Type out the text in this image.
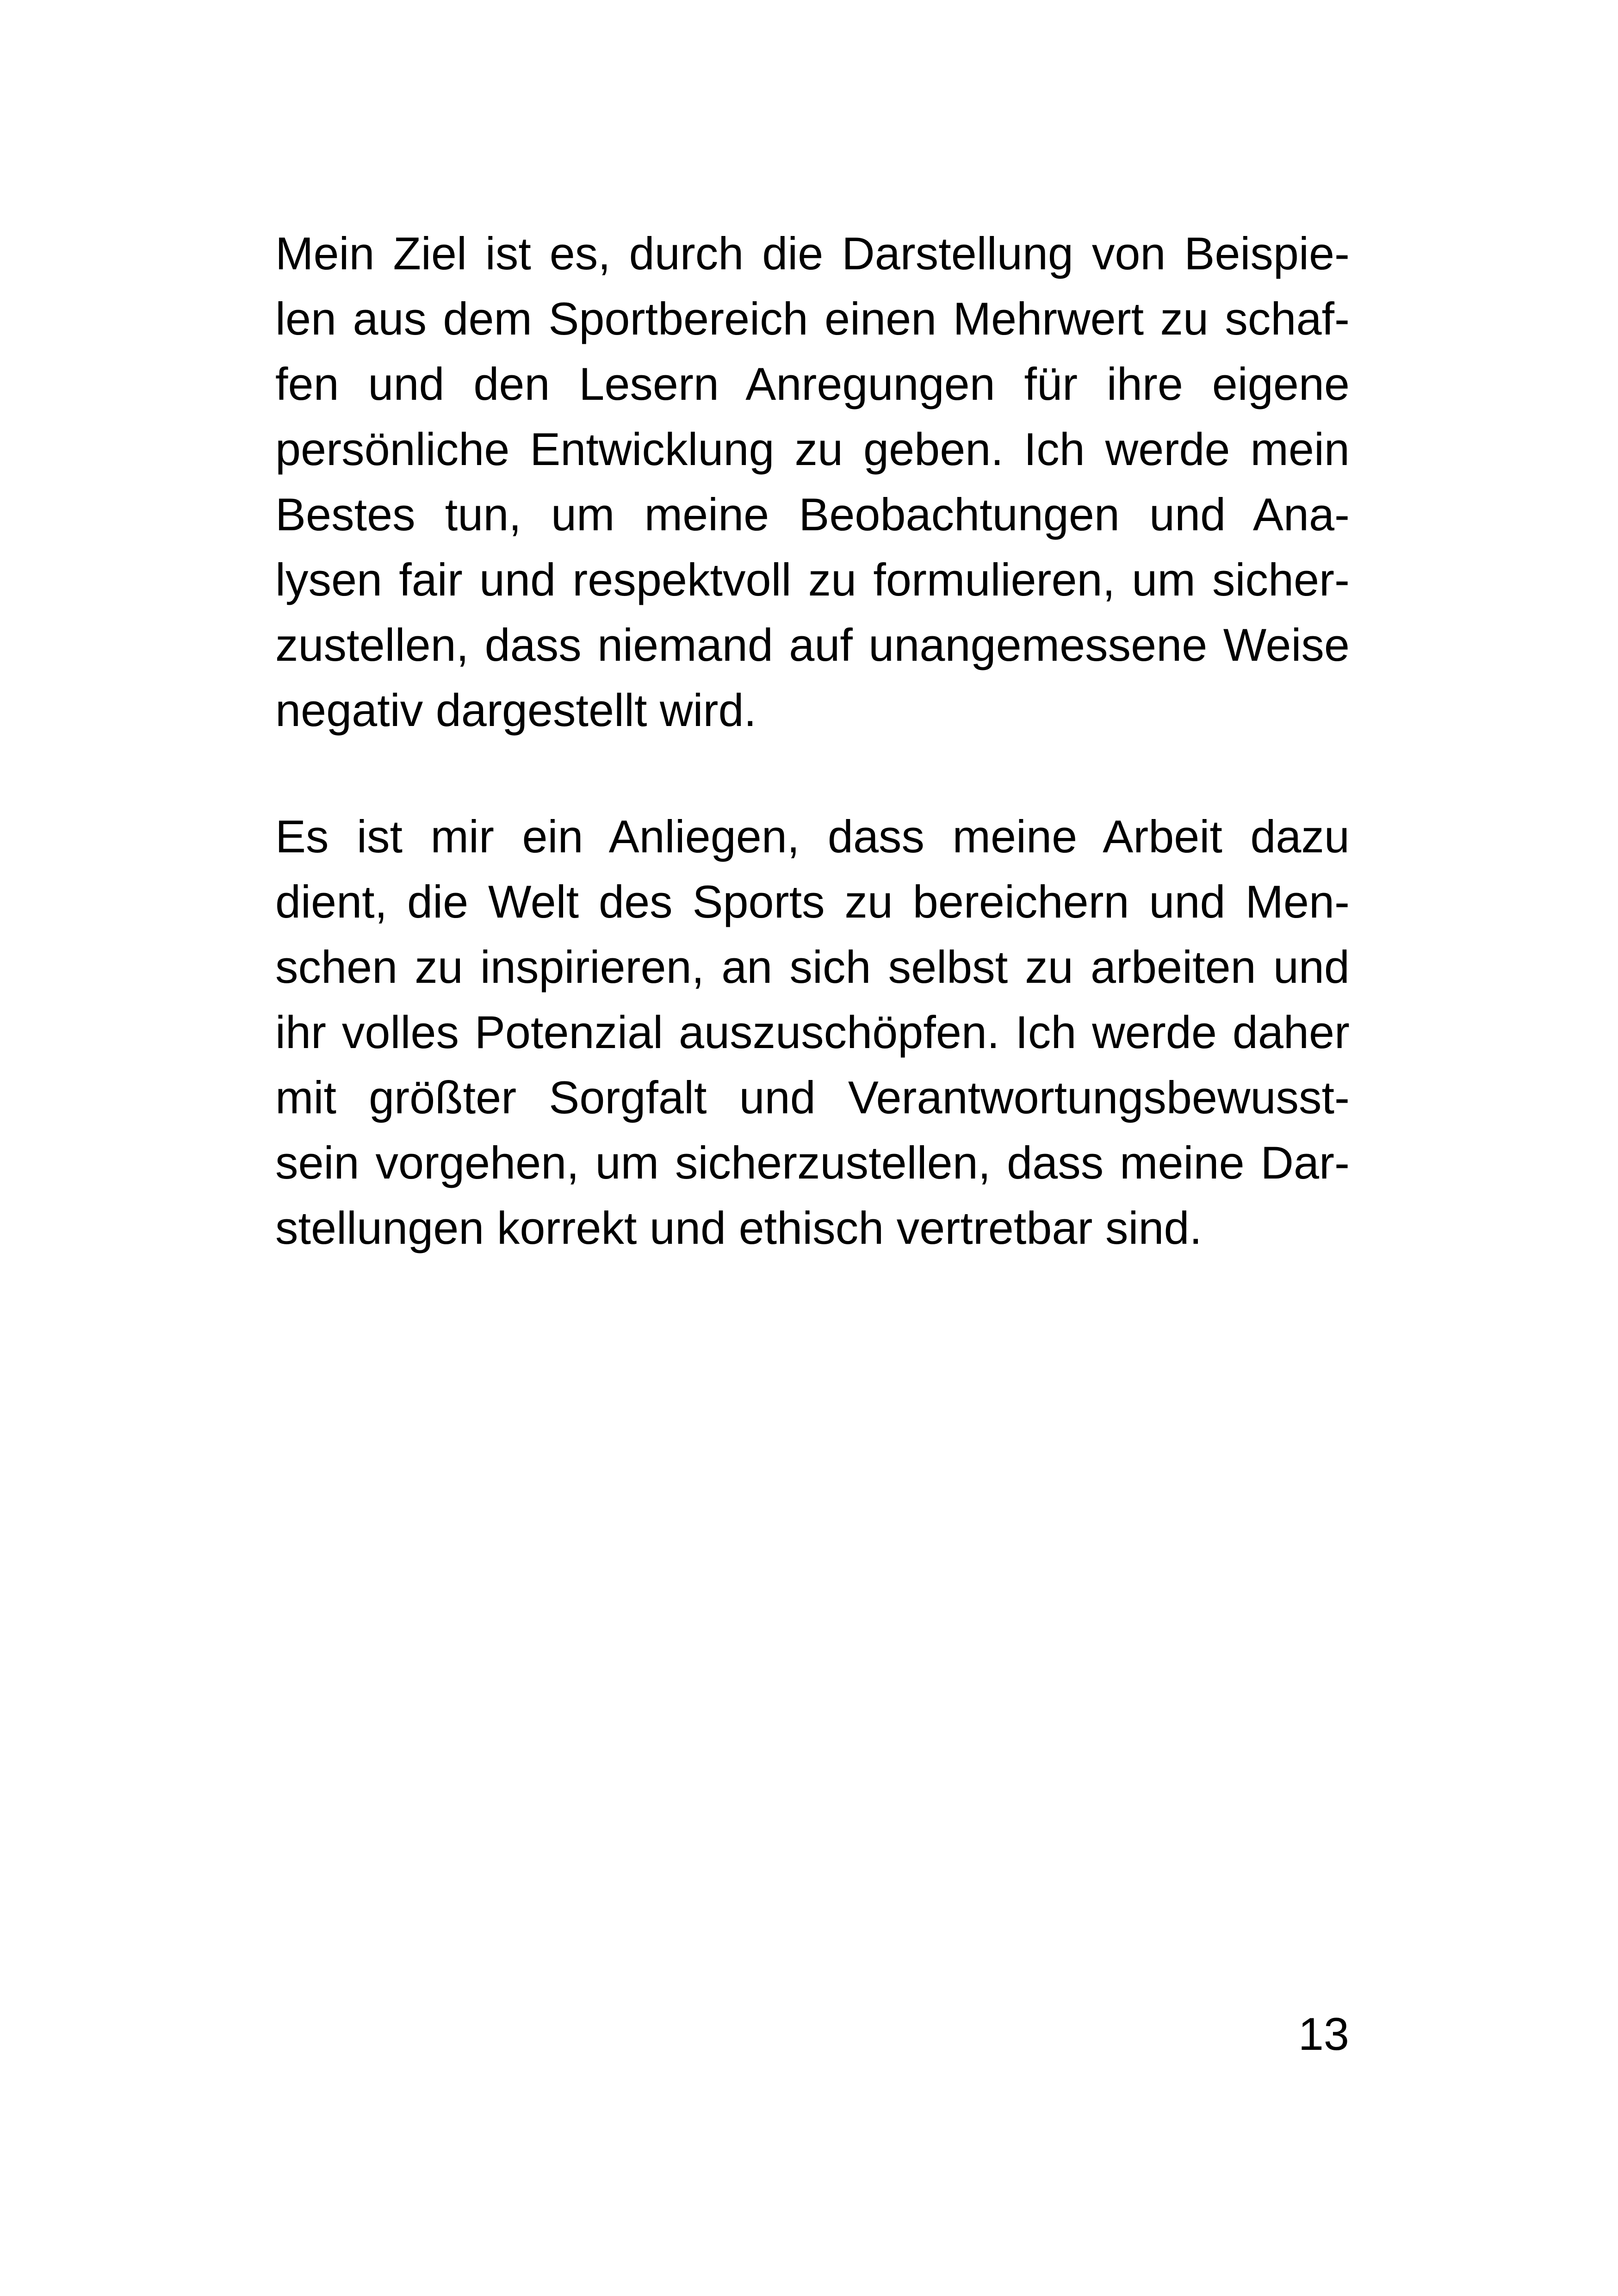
Mein Ziel ist es, durch die Darstellung von Beispie-
len aus dem Sportbereich einen Mehrwert zu schaf-
fen und den Lesern Anregungen für ihre eigene
persönliche Entwicklung zu geben. Ich werde mein
Bestes tun, um meine Beobachtungen und Ana-
lysen fair und respektvoll zu formulieren, um sicher-
zustellen, dass niemand auf unangemessene Weise
negativ dargestellt wird.
Es ist mir ein Anliegen, dass meine Arbeit dazu
dient, die Welt des Sports zu bereichern und Men-
schen zu inspirieren, an sich selbst zu arbeiten und
ihr volles Potenzial auszuschöpfen. Ich werde daher
mit größter Sorgfalt und Verantwortungsbewusst-
sein vorgehen, um sicherzustellen, dass meine Dar-
stellungen korrekt und ethisch vertretbar sind.
13
